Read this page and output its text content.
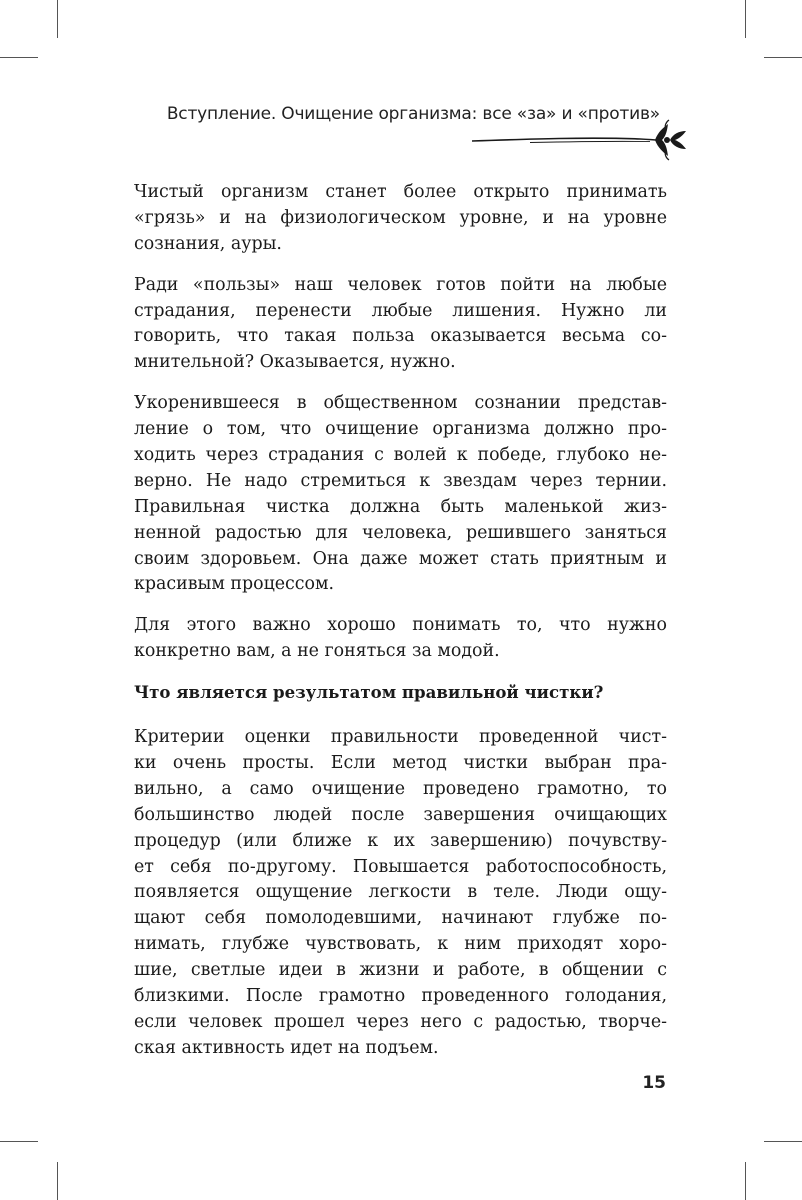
Вступление. Очищение организма: все «за» и «против»
Чистый организм станет более открыто принимать
«грязь» и на физиологическом уровне, и на уровне
сознания, ауры.
Ради «пользы» наш человек готов пойти на любые
страдания, перенести любые лишения. Нужно ли
говорить, что такая польза оказывается весьма со-
мнительной? Оказывается, нужно.
Укоренившееся в общественном сознании представ-
ление о том, что очищение организма должно про-
ходить через страдания с волей к победе, глубоко не-
верно. Не надо стремиться к звездам через тернии.
Правильная чистка должна быть маленькой жиз-
ненной радостью для человека, решившего заняться
своим здоровьем. Она даже может стать приятным и
красивым процессом.
Для этого важно хорошо понимать то, что нужно
конкретно вам, а не гоняться за модой.
Что является результатом правильной чистки?
Критерии оценки правильности проведенной чист-
ки очень просты. Если метод чистки выбран пра-
вильно, а само очищение проведено грамотно, то
большинство людей после завершения очищающих
процедур (или ближе к их завершению) почувству-
ет себя по-другому. Повышается работоспособность,
появляется ощущение легкости в теле. Люди ощу-
щают себя помолодевшими, начинают глубже по-
нимать, глубже чувствовать, к ним приходят хоро-
шие, светлые идеи в жизни и работе, в общении с
близкими. После грамотно проведенного голодания,
если человек прошел через него с радостью, творче-
ская активность идет на подъем.
15
